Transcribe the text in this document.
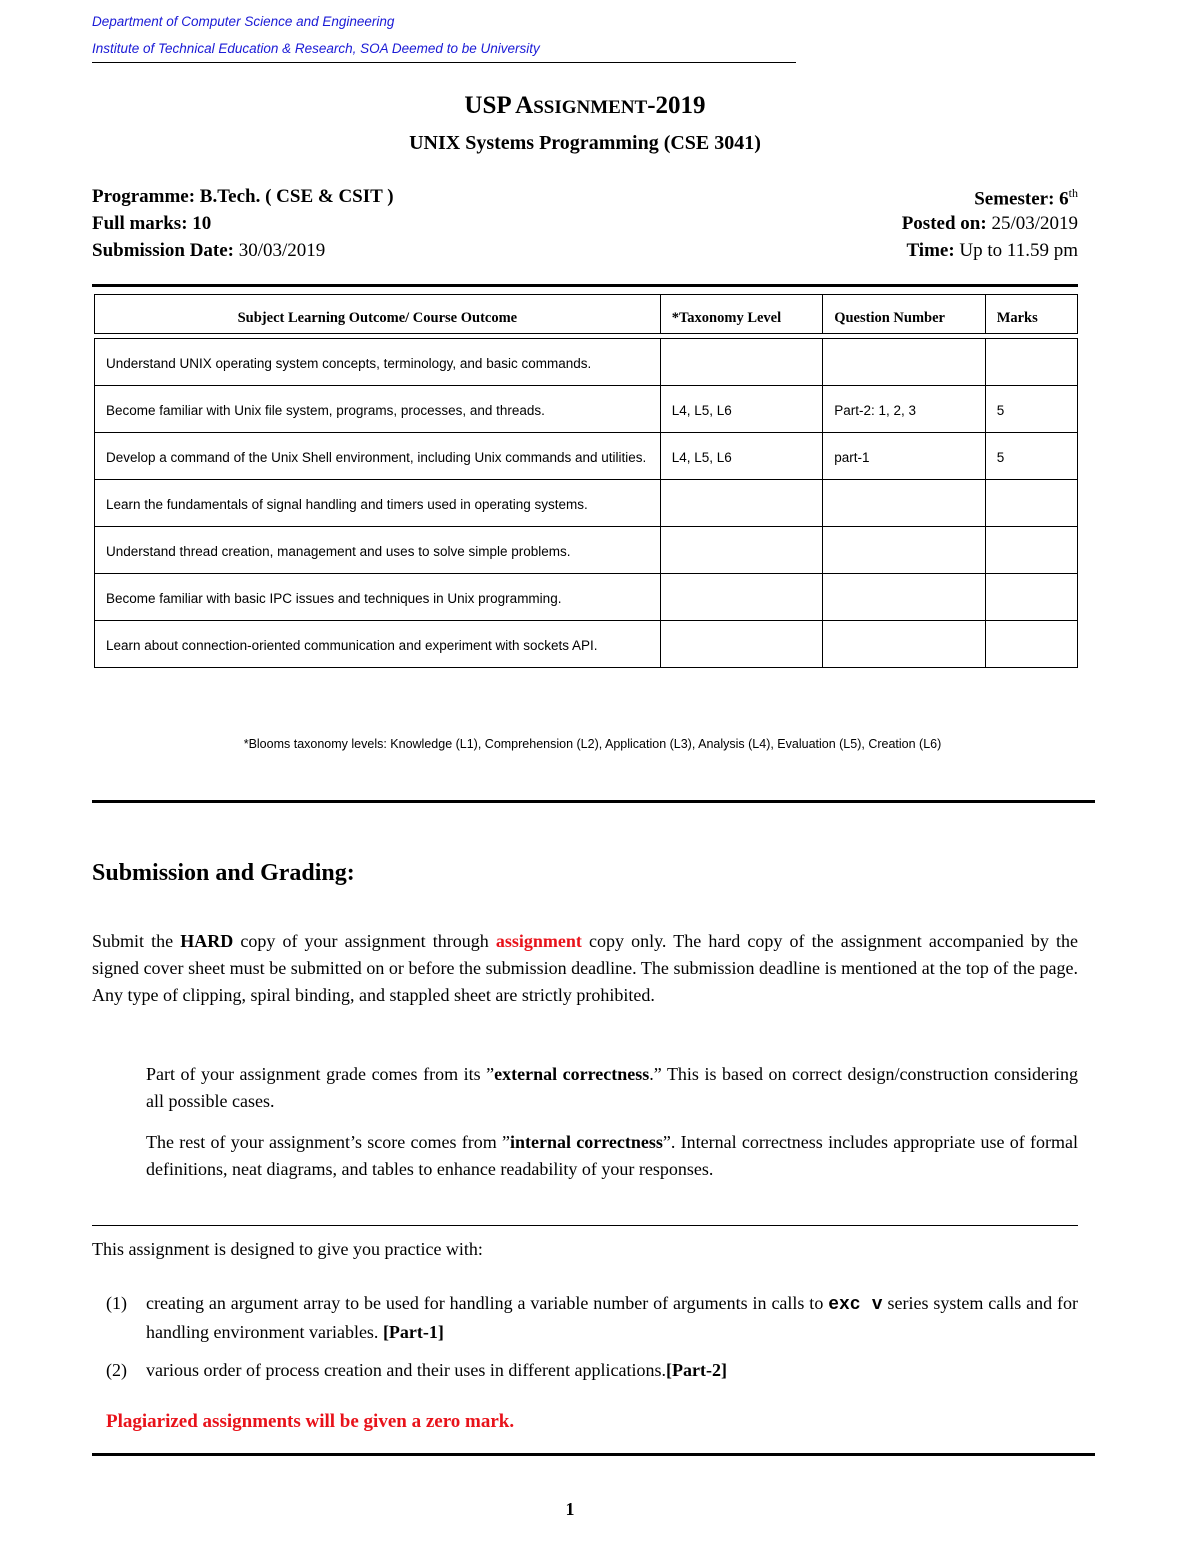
Department of Computer Science and Engineering
Institute of Technical Education & Research, SOA Deemed to be University
USP ASSIGNMENT-2019
UNIX Systems Programming (CSE 3041)
Programme: B.Tech. ( CSE & CSIT )	Semester: 6th
Full marks: 10	Posted on: 25/03/2019
Submission Date: 30/03/2019	Time: Up to 11.59 pm
Subject Learning Outcome/ Course Outcome	*Taxonomy Level	Question Number	Marks

Understand UNIX operating system concepts, terminology, and basic commands.			
Become familiar with Unix file system, programs, processes, and threads.	L4, L5, L6	Part-2: 1, 2, 3	5
Develop a command of the Unix Shell environment, including Unix commands and utilities.	L4, L5, L6	part-1	5
Learn the fundamentals of signal handling and timers used in operating systems.			
Understand thread creation, management and uses to solve simple problems.			
Become familiar with basic IPC issues and techniques in Unix programming.			
Learn about connection-oriented communication and experiment with sockets API.			
*Blooms taxonomy levels: Knowledge (L1), Comprehension (L2), Application (L3), Analysis (L4), Evaluation (L5), Creation (L6)
Submission and Grading:
Submit the HARD copy of your assignment through assignment copy only. The hard copy of the assignment accompanied by the signed cover sheet must be submitted on or before the submission deadline. The submission deadline is mentioned at the top of the page. Any type of clipping, spiral binding, and stappled sheet are strictly prohibited.
Part of your assignment grade comes from its ”external correctness.” This is based on correct design/construction considering all possible cases.
The rest of your assignment’s score comes from ”internal correctness”. Internal correctness includes appropriate use of formal definitions, neat diagrams, and tables to enhance readability of your responses.
This assignment is designed to give you practice with:
(1) creating an argument array to be used for handling a variable number of arguments in calls to exc v series system calls and for handling environment variables. [Part-1]
(2) various order of process creation and their uses in different applications.[Part-2]
Plagiarized assignments will be given a zero mark.
1
